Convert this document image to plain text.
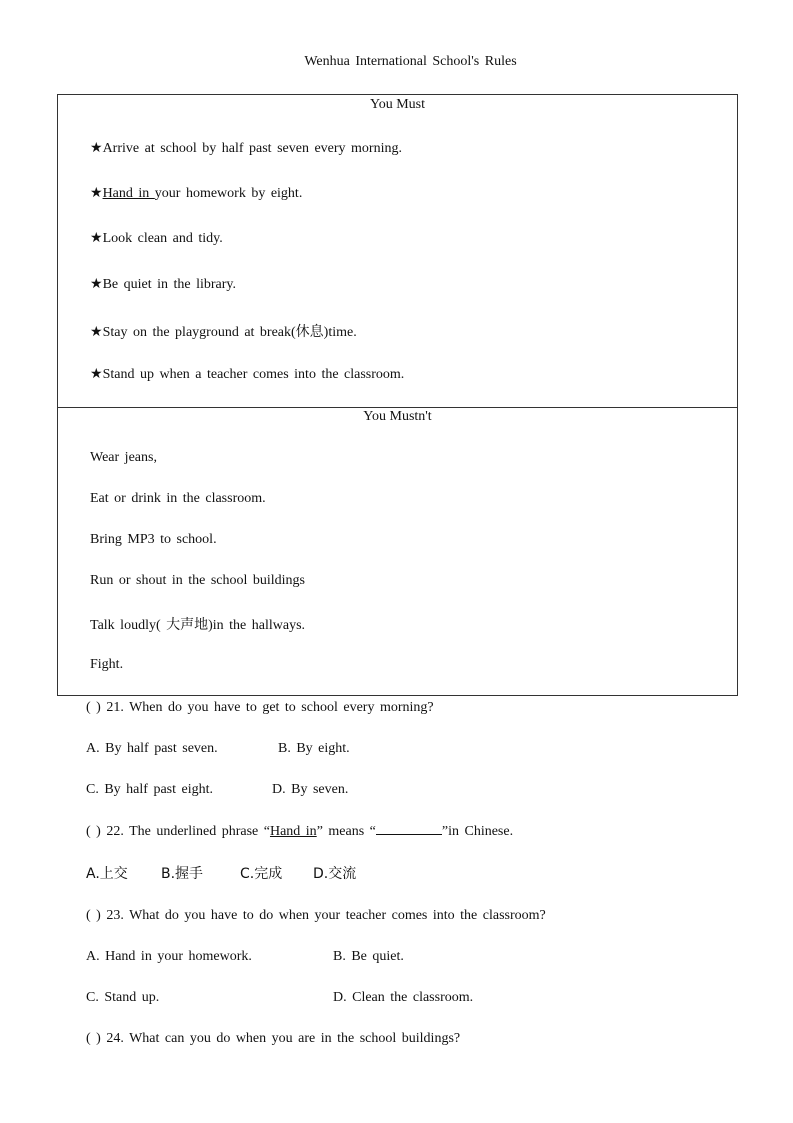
Wenhua International School's Rules
You Must
★Arrive at school by half past seven every morning.
★Hand in your homework by eight.
★Look clean and tidy.
★Be quiet in the library.
★Stay on the playground at break(休息)time.
★Stand up when a teacher comes into the classroom.
You Mustn't
Wear jeans,
Eat or drink in the classroom.
Bring MP3 to school.
Run or shout in the school buildings
Talk loudly( 大声地)in the hallways.
Fight.
( ) 21. When do you have to get to school every morning?
A. By half past seven.	B. By eight.
C. By half past eight.	D. By seven.
( ) 22. The underlined phrase “Hand in” means “	”in Chinese.
A.上交 B.握手	C.完成 D.交流
( ) 23. What do you have to do when your teacher comes into the classroom?
A. Hand in your homework.	B. Be quiet.
C. Stand up.	D. Clean the classroom.
( ) 24. What can you do when you are in the school buildings?
